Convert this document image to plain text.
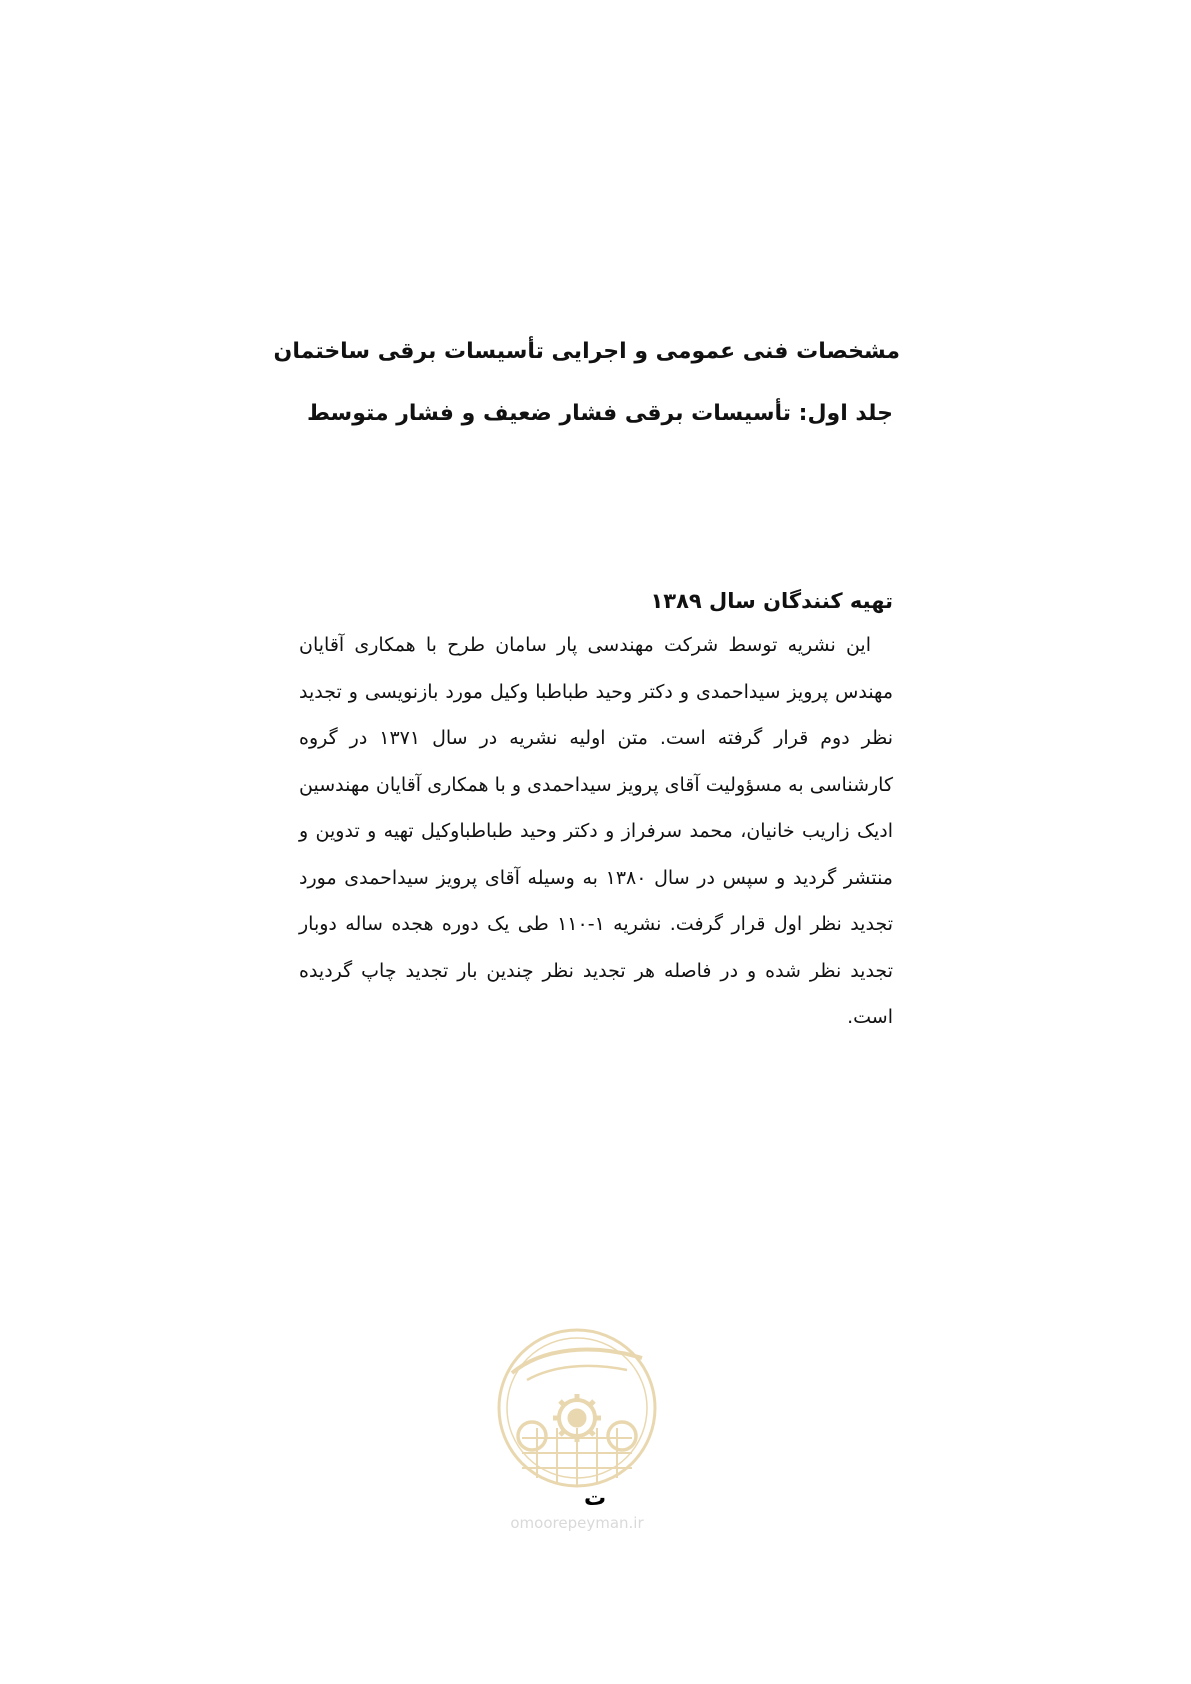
مشخصات فنی عمومی و اجرایی تأسیسات برقی ساختمان

جلد اول: تأسیسات برقی فشار ضعیف و فشار متوسط

تهیه کنندگان سال ۱۳۸۹

این نشریه توسط شرکت مهندسی پار سامان طرح با همکاری آقایان مهندس پرویز سیداحمدی و دکتر وحید طباطبا وکیل مورد بازنویسی و تجدید نظر دوم قرار گرفته است. متن اولیه نشریه در سال ۱۳۷۱ در گروه کارشناسی به مسؤولیت آقای پرویز سیداحمدی و با همکاری آقایان مهندسین ادیک زاریب خانیان، محمد سرفراز و دکتر وحید طباطباوکیل تهیه و تدوین و منتشر گردید و سپس در سال ۱۳۸۰ به وسیله آقای پرویز سیداحمدی مورد تجدید نظر اول قرار گرفت. نشریه ۱-۱۱۰ طی یک دوره هجده ساله دوبار تجدید نظر شده و در فاصله هر تجدید نظر چندین بار تجدید چاپ گردیده است.

omoorepeyman.ir
ت
